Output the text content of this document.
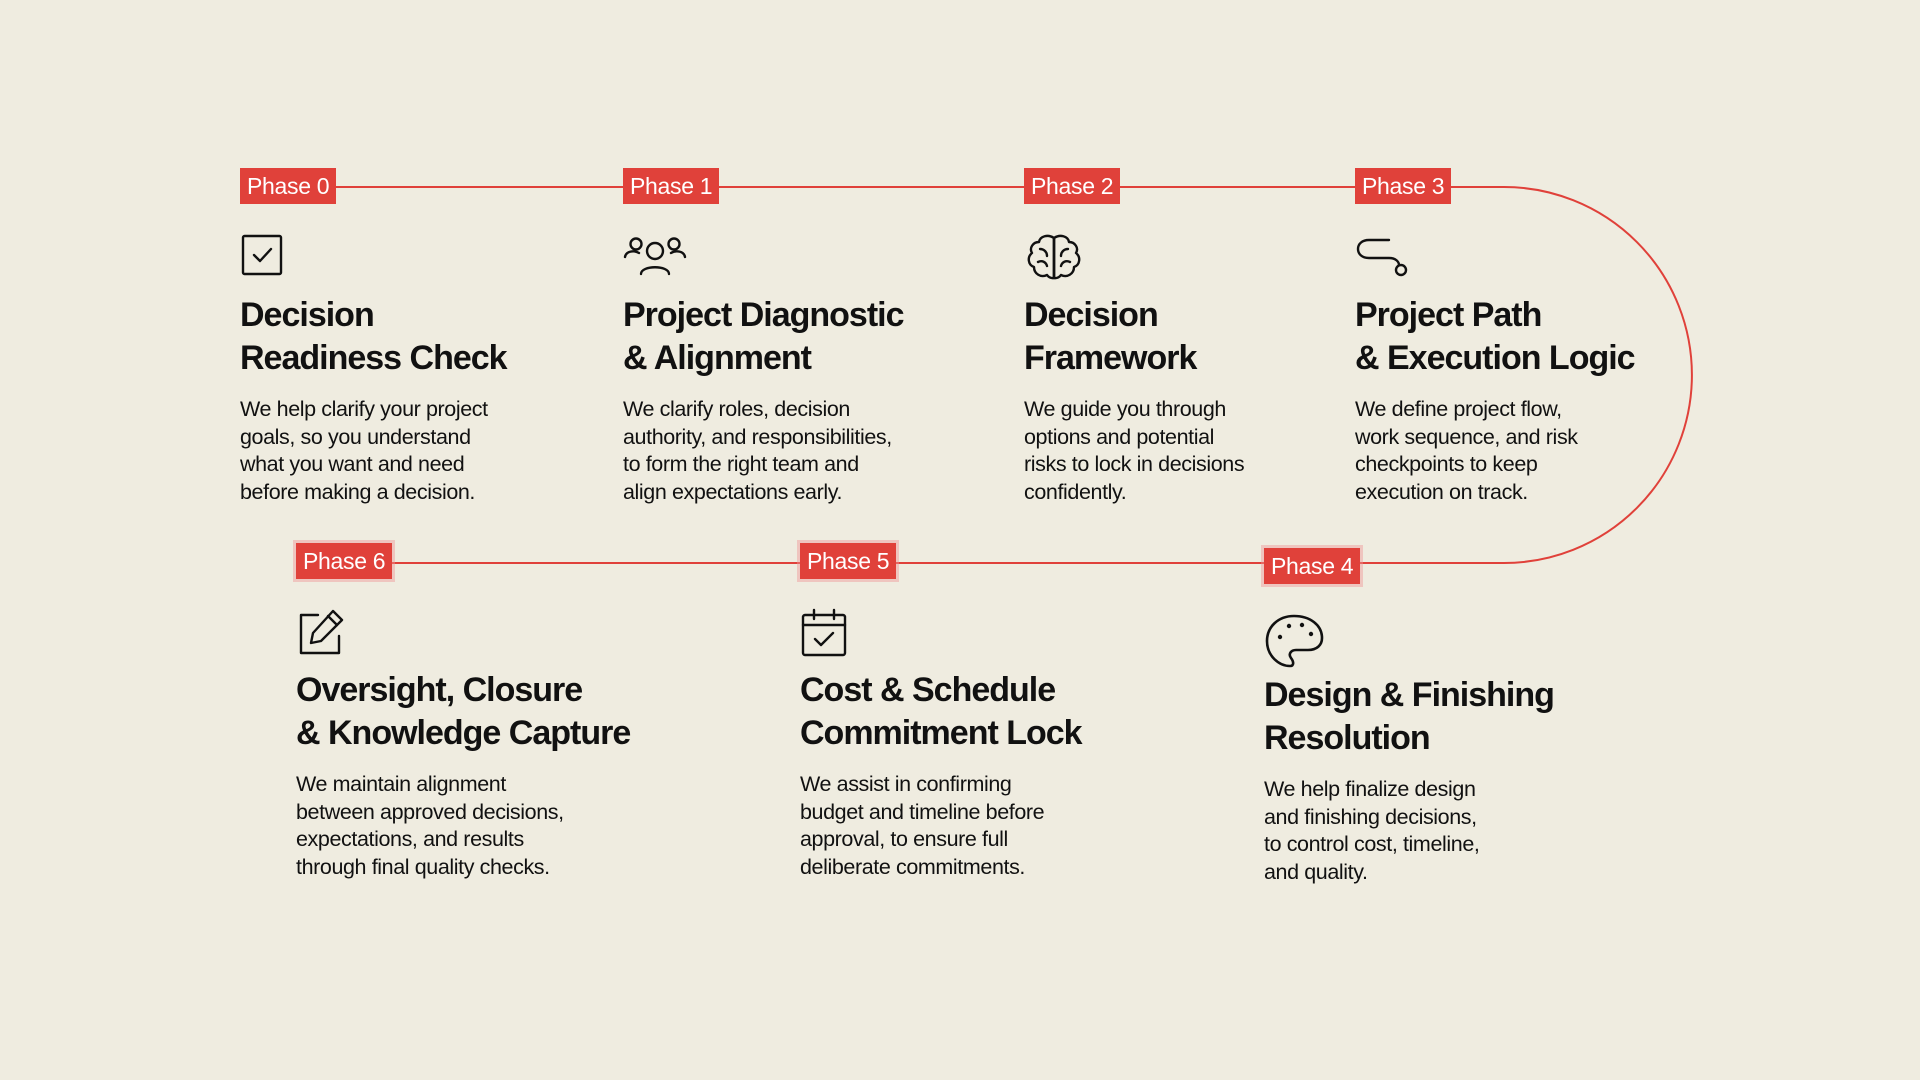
Phase 0
Decision
Readiness Check
We help clarify your project
goals, so you understand
what you want and need
before making a decision.
Phase 1
Project Diagnostic
& Alignment
We clarify roles, decision
authority, and responsibilities,
to form the right team and
align expectations early.
Phase 2
Decision
Framework
We guide you through
options and potential
risks to lock in decisions
confidently.
Phase 3
Project Path
& Execution Logic
We define project flow,
work sequence, and risk
checkpoints to keep
execution on track.
Phase 4
Design & Finishing
Resolution
We help finalize design
and finishing decisions,
to control cost, timeline,
and quality.
Phase 5
Cost & Schedule
Commitment Lock
We assist in confirming
budget and timeline before
approval, to ensure full
deliberate commitments.
Phase 6
Oversight, Closure
& Knowledge Capture
We maintain alignment
between approved decisions,
expectations, and results
through final quality checks.
